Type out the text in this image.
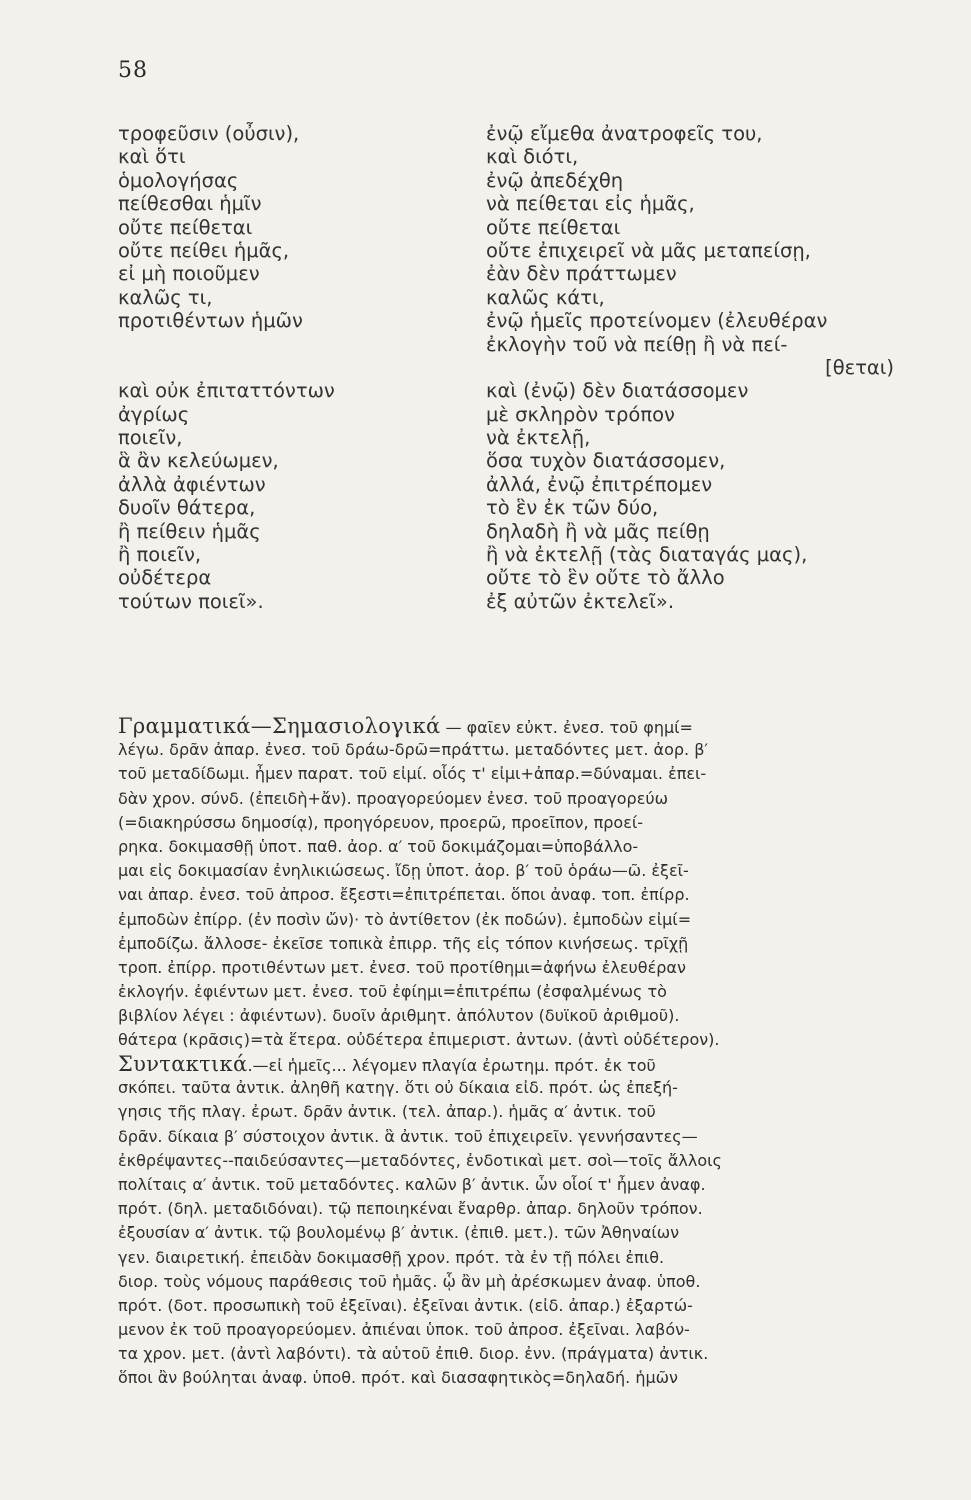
58
τροφεῦσιν (οὖσιν),
καὶ ὅτι
ὁμολογήσας
πείθεσθαι ἡμῖν
οὔτε πείθεται
οὔτε πείθει ἡμᾶς,
εἰ μὴ ποιοῦμεν
καλῶς τι,
προτιθέντων ἡμῶν
καὶ οὐκ ἐπιταττόντων
ἀγρίως
ποιεῖν,
ἃ ἂν κελεύωμεν,
ἀλλὰ ἀφιέντων
δυοῖν θάτερα,
ἢ πείθειν ἡμᾶς
ἢ ποιεῖν,
οὐδέτερα
τούτων ποιεῖ».
ἐνῷ εἴμεθα ἀνατροφεῖς του,
καὶ διότι,
ἐνῷ ἀπεδέχθη
νὰ πείθεται εἰς ἡμᾶς,
οὔτε πείθεται
οὔτε ἐπιχειρεῖ νὰ μᾶς μεταπείσῃ,
ἐὰν δὲν πράττωμεν
καλῶς κάτι,
ἐνῷ ἡμεῖς προτείνομεν (ἐλευθέραν
ἐκλογὴν τοῦ νὰ πείθῃ ἢ νὰ πεί-
[θεται)
καὶ (ἐνῷ) δὲν διατάσσομεν
μὲ σκληρὸν τρόπον
νὰ ἐκτελῇ,
ὅσα τυχὸν διατάσσομεν,
ἀλλά, ἐνῷ ἐπιτρέπομεν
τὸ ἓν ἐκ τῶν δύο,
δηλαδὴ ἢ νὰ μᾶς πείθῃ
ἢ νὰ ἐκτελῇ (τὰς διαταγάς μας),
οὔτε τὸ ἓν οὔτε τὸ ἄλλο
ἐξ αὐτῶν ἐκτελεῖ».
Γραμματικά—Σημασιολογικά — φαῖεν εὐκτ. ἐνεσ. τοῦ φημί=
λέγω. δρᾶν ἀπαρ. ἐνεσ. τοῦ δράω-δρῶ=πράττω. μεταδόντες μετ. ἀορ. β′
τοῦ μεταδίδωμι. ἦμεν παρατ. τοῦ εἰμί. οἷός τ' εἰμι+ἀπαρ.=δύναμαι. ἐπει-
δὰν χρον. σύνδ. (ἐπειδὴ+ἄν). προαγορεύομεν ἐνεσ. τοῦ προαγορεύω
(=διακηρύσσω δημοσίᾳ), προηγόρευον, προερῶ, προεῖπον, προεί-
ρηκα. δοκιμασθῇ ὑποτ. παθ. ἀορ. α′ τοῦ δοκιμάζομαι=ὑποβάλλο-
μαι εἰς δοκιμασίαν ἐνηλικιώσεως. ἴδῃ ὑποτ. ἀορ. β′ τοῦ ὁράω—ῶ. ἐξεῖ-
ναι ἀπαρ. ἐνεσ. τοῦ ἀπροσ. ἔξεστι=ἐπιτρέπεται. ὅποι ἀναφ. τοπ. ἐπίρρ.
ἐμποδὼν ἐπίρρ. (ἐν ποσὶν ὤν)· τὸ ἀντίθετον (ἐκ ποδών). ἐμποδὼν εἰμί=
ἐμποδίζω. ἄλλοσε- ἐκεῖσε τοπικὰ ἐπιρρ. τῆς εἰς τόπον κινήσεως. τρῖχῇ
τροπ. ἐπίρρ. προτιθέντων μετ. ἐνεσ. τοῦ προτίθημι=ἀφήνω ἐλευθέραν
ἐκλογήν. ἐφιέντων μετ. ἐνεσ. τοῦ ἐφίημι=ἐπιτρέπω (ἐσφαλμένως τὸ
βιβλίον λέγει : ἀφιέντων). δυοῖν ἀριθμητ. ἀπόλυτον (δυϊκοῦ ἀριθμοῦ).
θάτερα (κρᾶσις)=τὰ ἕτερα. οὐδέτερα ἐπιμεριστ. ἀντων. (ἀντὶ οὐδέτερον).
Συντακτικά.—εἰ ἡμεῖς... λέγομεν πλαγία ἐρωτημ. πρότ. ἐκ τοῦ
σκόπει. ταῦτα ἀντικ. ἀληθῆ κατηγ. ὅτι οὐ δίκαια εἰδ. πρότ. ὡς ἐπεξή-
γησις τῆς πλαγ. ἐρωτ. δρᾶν ἀντικ. (τελ. ἀπαρ.). ἡμᾶς α′ ἀντικ. τοῦ
δρᾶν. δίκαια β′ σύστοιχον ἀντικ. ἃ ἀντικ. τοῦ ἐπιχειρεῖν. γεννήσαντες—
ἐκθρέψαντες--παιδεύσαντες—μεταδόντες, ἐνδοτικαὶ μετ. σοὶ—τοῖς ἄλλοις
πολίταις α′ ἀντικ. τοῦ μεταδόντες. καλῶν β′ ἀντικ. ὧν οἷοί τ' ἦμεν ἀναφ.
πρότ. (δηλ. μεταδιδόναι). τῷ πεποιηκέναι ἔναρθρ. ἀπαρ. δηλοῦν τρόπον.
ἐξουσίαν α′ ἀντικ. τῷ βουλομένῳ β′ ἀντικ. (ἐπιθ. μετ.). τῶν Ἀθηναίων
γεν. διαιρετική. ἐπειδὰν δοκιμασθῇ χρον. πρότ. τὰ ἐν τῇ πόλει ἐπιθ.
διορ. τοὺς νόμους παράθεσις τοῦ ἡμᾶς. ᾧ ἂν μὴ ἀρέσκωμεν ἀναφ. ὑποθ.
πρότ. (δοτ. προσωπικὴ τοῦ ἐξεῖναι). ἐξεῖναι ἀντικ. (εἰδ. ἀπαρ.) ἐξαρτώ-
μενον ἐκ τοῦ προαγορεύομεν. ἀπιέναι ὑποκ. τοῦ ἀπροσ. ἐξεῖναι. λαβόν-
τα χρον. μετ. (ἀντὶ λαβόντι). τὰ αὑτοῦ ἐπιθ. διορ. ἐνν. (πράγματα) ἀντικ.
ὅποι ἂν βούληται ἀναφ. ὑποθ. πρότ. καὶ διασαφητικὸς=δηλαδή. ἡμῶν
